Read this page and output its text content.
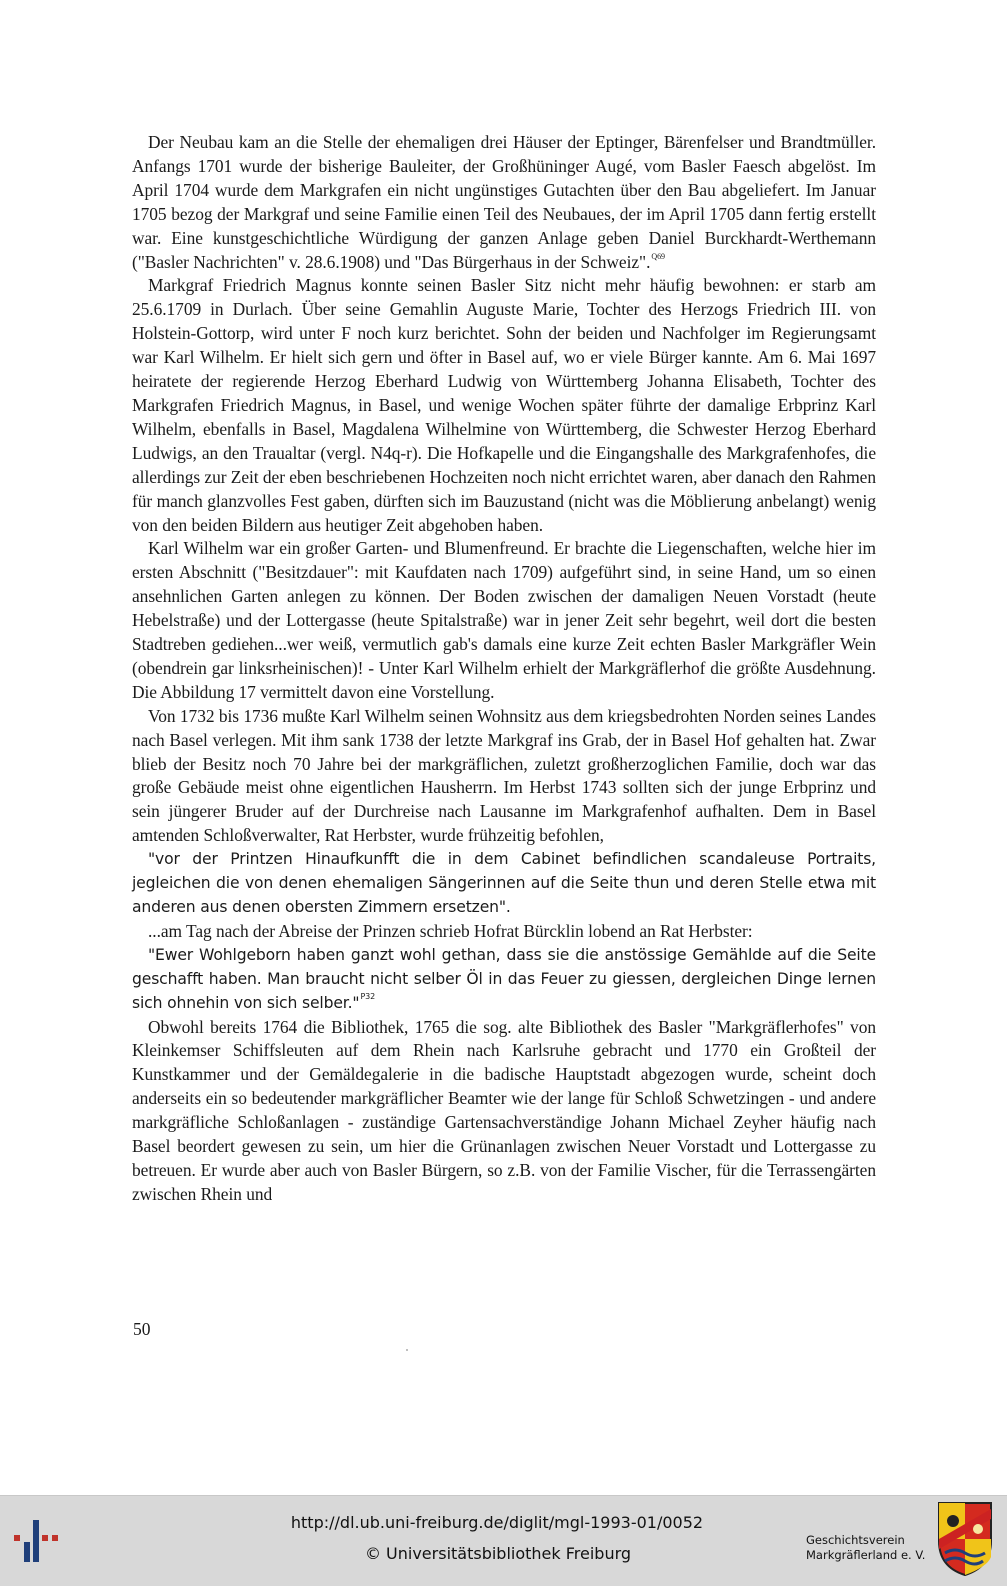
Der Neubau kam an die Stelle der ehemaligen drei Häuser der Eptinger, Bärenfelser und Brandtmüller. Anfangs 1701 wurde der bisherige Bauleiter, der Großhüninger Augé, vom Basler Faesch abgelöst. Im April 1704 wurde dem Markgrafen ein nicht ungünstiges Gutachten über den Bau abgeliefert. Im Januar 1705 bezog der Markgraf und seine Familie einen Teil des Neubaues, der im April 1705 dann fertig erstellt war. Eine kunstgeschichtliche Würdigung der ganzen Anlage geben Daniel Burckhardt-Werthemann ("Basler Nachrichten" v. 28.6.1908) und "Das Bürgerhaus in der Schweiz".$^{Q69}$

Markgraf Friedrich Magnus konnte seinen Basler Sitz nicht mehr häufig bewohnen: er starb am 25.6.1709 in Durlach. Über seine Gemahlin Auguste Marie, Tochter des Herzogs Friedrich III. von Holstein-Gottorp, wird unter F noch kurz berichtet. Sohn der beiden und Nachfolger im Regierungsamt war Karl Wilhelm. Er hielt sich gern und öfter in Basel auf, wo er viele Bürger kannte. Am 6. Mai 1697 heiratete der regierende Herzog Eberhard Ludwig von Württemberg Johanna Elisabeth, Tochter des Markgrafen Friedrich Magnus, in Basel, und wenige Wochen später führte der damalige Erbprinz Karl Wilhelm, ebenfalls in Basel, Magdalena Wilhelmine von Württemberg, die Schwester Herzog Eberhard Ludwigs, an den Traualtar (vergl. N4q-r). Die Hofkapelle und die Eingangshalle des Markgrafenhofes, die allerdings zur Zeit der eben beschriebenen Hochzeiten noch nicht errichtet waren, aber danach den Rahmen für manch glanzvolles Fest gaben, dürften sich im Bauzustand (nicht was die Möblierung anbelangt) wenig von den beiden Bildern aus heutiger Zeit abgehoben haben.

Karl Wilhelm war ein großer Garten- und Blumenfreund. Er brachte die Liegenschaften, welche hier im ersten Abschnitt ("Besitzdauer": mit Kaufdaten nach 1709) aufgeführt sind, in seine Hand, um so einen ansehnlichen Garten anlegen zu können. Der Boden zwischen der damaligen Neuen Vorstadt (heute Hebelstraße) und der Lottergasse (heute Spitalstraße) war in jener Zeit sehr begehrt, weil dort die besten Stadtreben gediehen...wer weiß, vermutlich gab's damals eine kurze Zeit echten Basler Markgräfler Wein (obendrein gar linksrheinischen)! - Unter Karl Wilhelm erhielt der Markgräflerhof die größte Ausdehnung. Die Abbildung 17 vermittelt davon eine Vorstellung.

Von 1732 bis 1736 mußte Karl Wilhelm seinen Wohnsitz aus dem kriegsbedrohten Norden seines Landes nach Basel verlegen. Mit ihm sank 1738 der letzte Markgraf ins Grab, der in Basel Hof gehalten hat. Zwar blieb der Besitz noch 70 Jahre bei der markgräflichen, zuletzt großherzoglichen Familie, doch war das große Gebäude meist ohne eigentlichen Hausherrn. Im Herbst 1743 sollten sich der junge Erbprinz und sein jüngerer Bruder auf der Durchreise nach Lausanne im Markgrafenhof aufhalten. Dem in Basel amtenden Schloßverwalter, Rat Herbster, wurde frühzeitig befohlen,

"vor der Printzen Hinaufkunfft die in dem Cabinet befindlichen scandaleuse Portraits, jegleichen die von denen ehemaligen Sängerinnen auf die Seite thun und deren Stelle etwa mit anderen aus denen obersten Zimmern ersetzen".

...am Tag nach der Abreise der Prinzen schrieb Hofrat Bürcklin lobend an Rat Herbster:

"Ewer Wohlgeborn haben ganzt wohl gethan, dass sie die anstössige Gemählde auf die Seite geschafft haben. Man braucht nicht selber Öl in das Feuer zu giessen, dergleichen Dinge lernen sich ohnehin von sich selber."$^{P32}$

Obwohl bereits 1764 die Bibliothek, 1765 die sog. alte Bibliothek des Basler "Markgräflerhofes" von Kleinkemser Schiffsleuten auf dem Rhein nach Karlsruhe gebracht und 1770 ein Großteil der Kunstkammer und der Gemäldegalerie in die badische Hauptstadt abgezogen wurde, scheint doch anderseits ein so bedeutender markgräflicher Beamter wie der lange für Schloß Schwetzingen - und andere markgräfliche Schloßanlagen - zuständige Gartensachverständige Johann Michael Zeyher häufig nach Basel beordert gewesen zu sein, um hier die Grünanlagen zwischen Neuer Vorstadt und Lottergasse zu betreuen. Er wurde aber auch von Basler Bürgern, so z.B. von der Familie Vischer, für die Terrassengärten zwischen Rhein und

50
http://dl.ub.uni-freiburg.de/diglit/mgl-1993-01/0052
© Universitätsbibliothek Freiburg
Geschichtsverein
Markgräflerland e. V.
